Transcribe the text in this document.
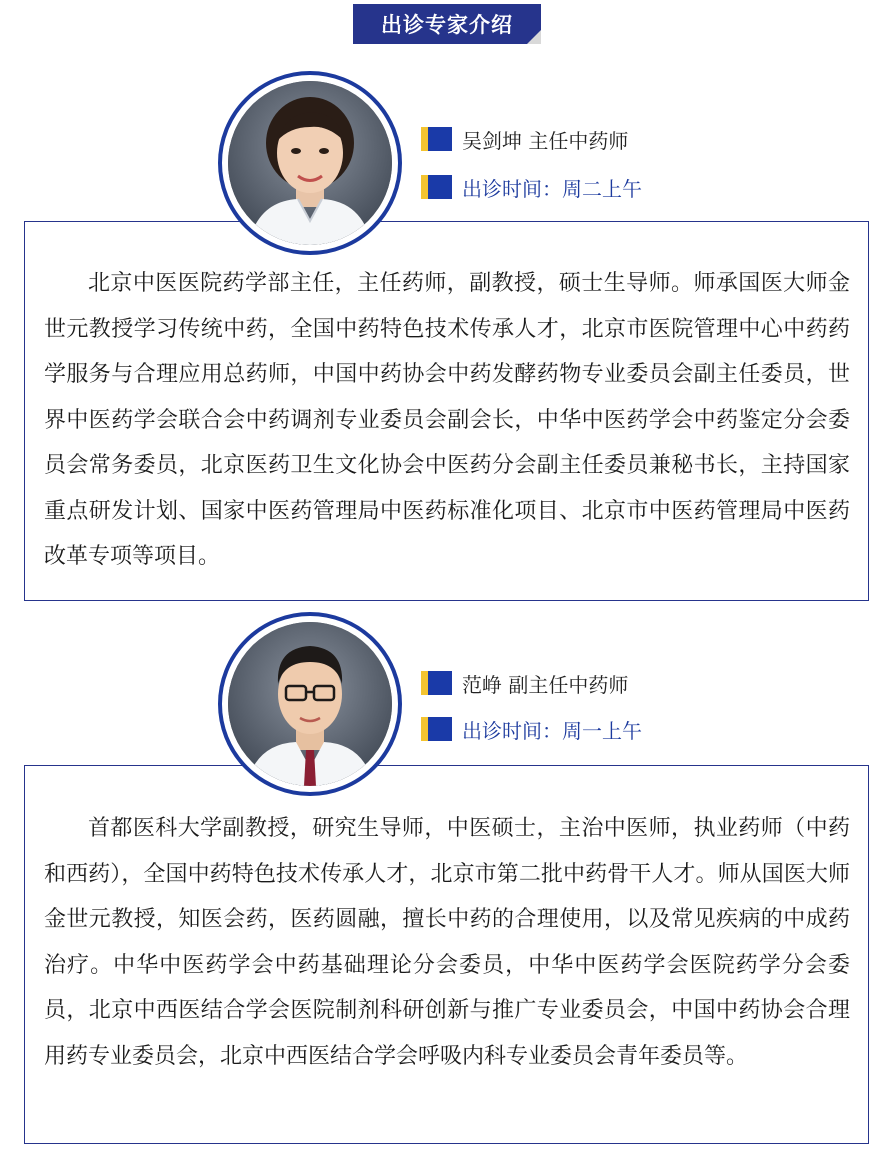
出诊专家介绍
吴剑坤 主任中药师
出诊时间：周二上午

北京中医医院药学部主任，主任药师，副教授，硕士生导师。师承国医大师金世元教授学习传统中药，全国中药特色技术传承人才，北京市医院管理中心中药药学服务与合理应用总药师，中国中药协会中药发酵药物专业委员会副主任委员，世界中医药学会联合会中药调剂专业委员会副会长，中华中医药学会中药鉴定分会委员会常务委员，北京医药卫生文化协会中医药分会副主任委员兼秘书长，主持国家重点研发计划、国家中医药管理局中医药标准化项目、北京市中医药管理局中医药改革专项等项目。

范峥 副主任中药师
出诊时间：周一上午

首都医科大学副教授，研究生导师，中医硕士，主治中医师，执业药师（中药和西药），全国中药特色技术传承人才，北京市第二批中药骨干人才。师从国医大师金世元教授，知医会药，医药圆融，擅长中药的合理使用，以及常见疾病的中成药治疗。中华中医药学会中药基础理论分会委员，中华中医药学会医院药学分会委员，北京中西医结合学会医院制剂科研创新与推广专业委员会，中国中药协会合理用药专业委员会，北京中西医结合学会呼吸内科专业委员会青年委员等。
